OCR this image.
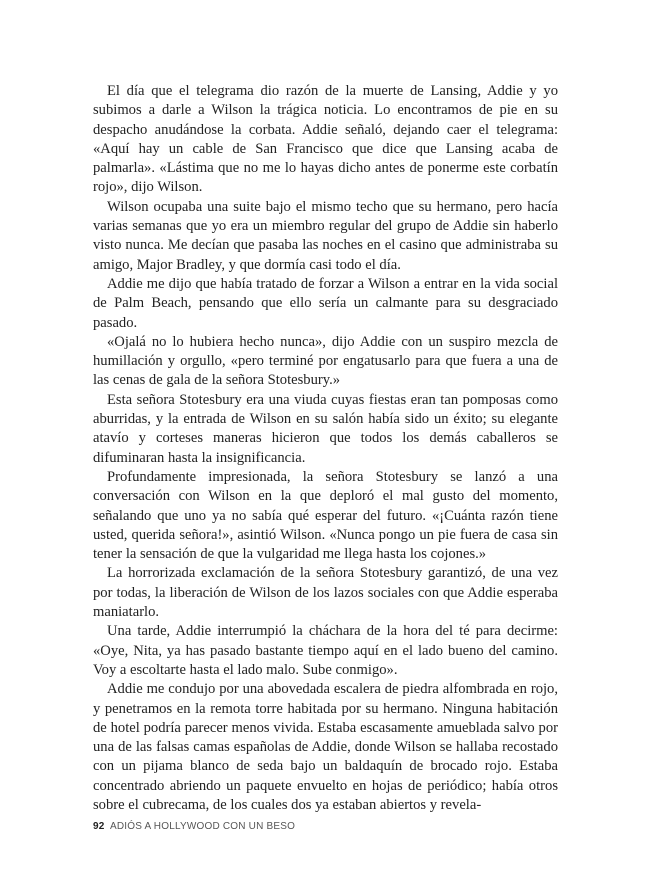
El día que el telegrama dio razón de la muerte de Lansing, Addie y yo subimos a darle a Wilson la trágica noticia. Lo encontramos de pie en su despacho anudándose la corbata. Addie señaló, dejando caer el telegrama: «Aquí hay un cable de San Francisco que dice que Lansing acaba de palmarla». «Lástima que no me lo hayas dicho antes de ponerme este corbatín rojo», dijo Wilson.

Wilson ocupaba una suite bajo el mismo techo que su hermano, pero hacía varias semanas que yo era un miembro regular del grupo de Addie sin haberlo visto nunca. Me decían que pasaba las noches en el casino que administraba su amigo, Major Bradley, y que dormía casi todo el día.

Addie me dijo que había tratado de forzar a Wilson a entrar en la vida social de Palm Beach, pensando que ello sería un calmante para su desgraciado pasado.

«Ojalá no lo hubiera hecho nunca», dijo Addie con un suspiro mezcla de humillación y orgullo, «pero terminé por engatusarlo para que fuera a una de las cenas de gala de la señora Stotesbury.»

Esta señora Stotesbury era una viuda cuyas fiestas eran tan pomposas como aburridas, y la entrada de Wilson en su salón había sido un éxito; su elegante atavío y corteses maneras hicieron que todos los demás caballeros se difuminaran hasta la insignificancia.

Profundamente impresionada, la señora Stotesbury se lanzó a una conversación con Wilson en la que deploró el mal gusto del momento, señalando que uno ya no sabía qué esperar del futuro. «¡Cuánta razón tiene usted, querida señora!», asintió Wilson. «Nunca pongo un pie fuera de casa sin tener la sensación de que la vulgaridad me llega hasta los cojones.»

La horrorizada exclamación de la señora Stotesbury garantizó, de una vez por todas, la liberación de Wilson de los lazos sociales con que Addie esperaba maniatarlo.

Una tarde, Addie interrumpió la cháchara de la hora del té para decirme: «Oye, Nita, ya has pasado bastante tiempo aquí en el lado bueno del camino. Voy a escoltarte hasta el lado malo. Sube conmigo».

Addie me condujo por una abovedada escalera de piedra alfombrada en rojo, y penetramos en la remota torre habitada por su hermano. Ninguna habitación de hotel podría parecer menos vivida. Estaba escasamente amueblada salvo por una de las falsas camas españolas de Addie, donde Wilson se hallaba recostado con un pijama blanco de seda bajo un baldaquín de brocado rojo. Estaba concentrado abriendo un paquete envuelto en hojas de periódico; había otros sobre el cubrecama, de los cuales dos ya estaban abiertos y revela-

92 ADIÓS A HOLLYWOOD CON UN BESO
